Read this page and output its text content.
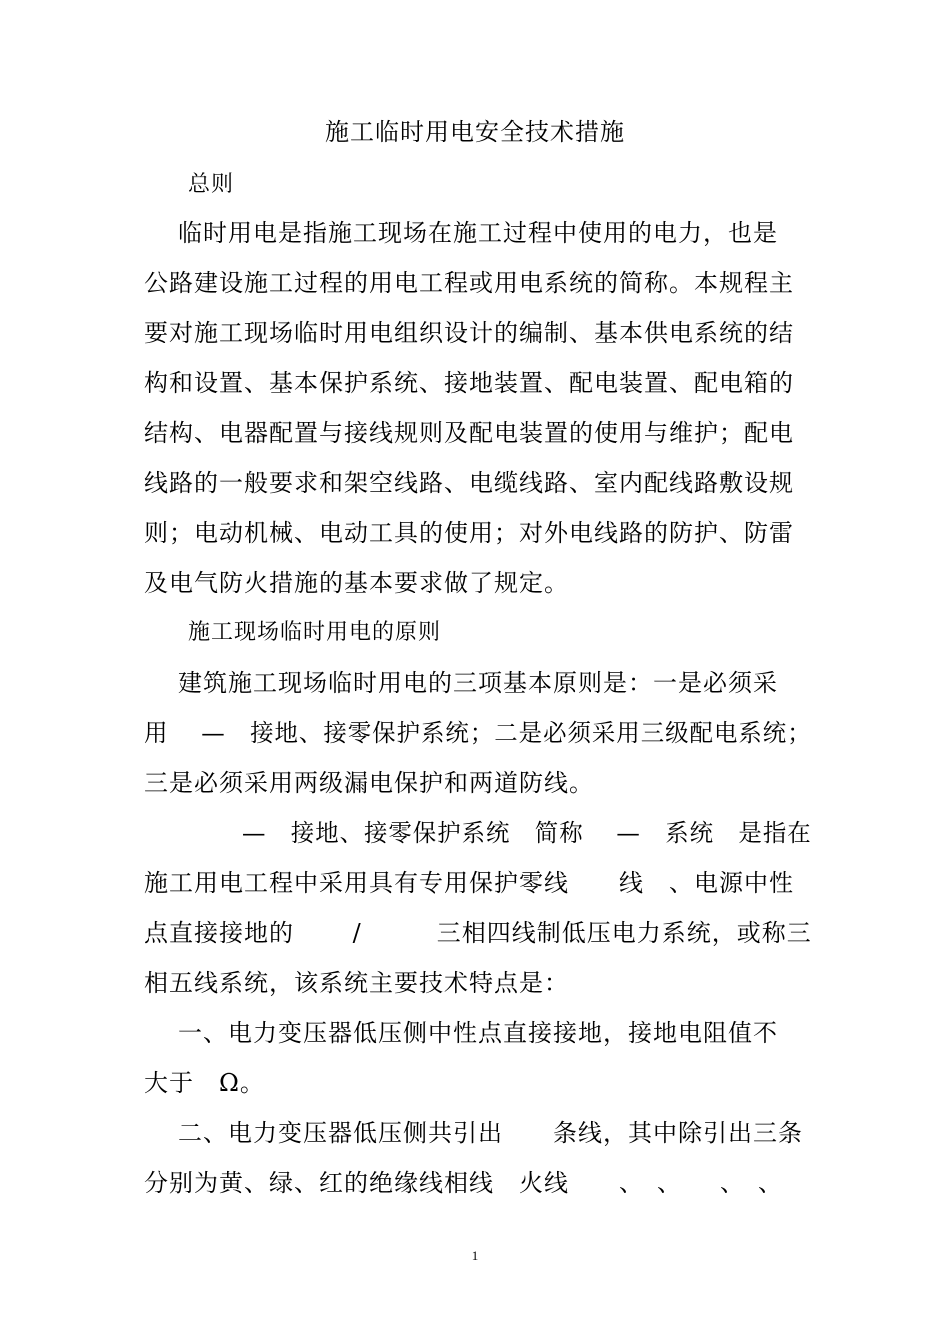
施工临时用电安全技术措施
总则
临时用电是指施工现场在施工过程中使用的电力，也是
公路建设施工过程的用电工程或用电系统的简称。本规程主
要对施工现场临时用电组织设计的编制、基本供电系统的结
构和设置、基本保护系统、接地装置、配电装置、配电箱的
结构、电器配置与接线规则及配电装置的使用与维护；配电
线路的一般要求和架空线路、电缆线路、室内配线路敷设规
则；电动机械、电动工具的使用；对外电线路的防护、防雷
及电气防火措施的基本要求做了规定。
施工现场临时用电的原则
建筑施工现场临时用电的三项基本原则是：一是必须采
用　 —　接地、接零保护系统；二是必须采用三级配电系统；
三是必须采用两级漏电保护和两道防线。
—　接地、接零保护系统　简称　 —　系统　是指在
施工用电工程中采用具有专用保护零线　　线　、电源中性
点直接接地的　　 /　　　三相四线制低压电力系统，或称三
相五线系统，该系统主要技术特点是：
一、电力变压器低压侧中性点直接接地，接地电阻值不
大于　Ω。
二、电力变压器低压侧共引出　　条线，其中除引出三条
分别为黄、绿、红的绝缘线相线　火线　　、　、　　、　、
1
